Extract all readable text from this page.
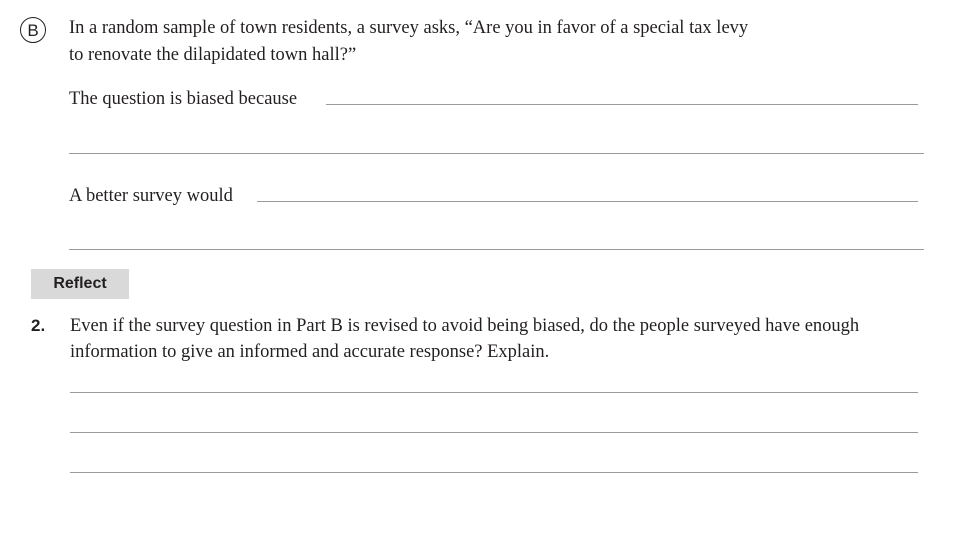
B In a random sample of town residents, a survey asks, “Are you in favor of a special tax levy
to renovate the dilapidated town hall?”
The question is biased because
A better survey would
Reflect
2. Even if the survey question in Part B is revised to avoid being biased, do the people surveyed have enough
information to give an informed and accurate response? Explain.
